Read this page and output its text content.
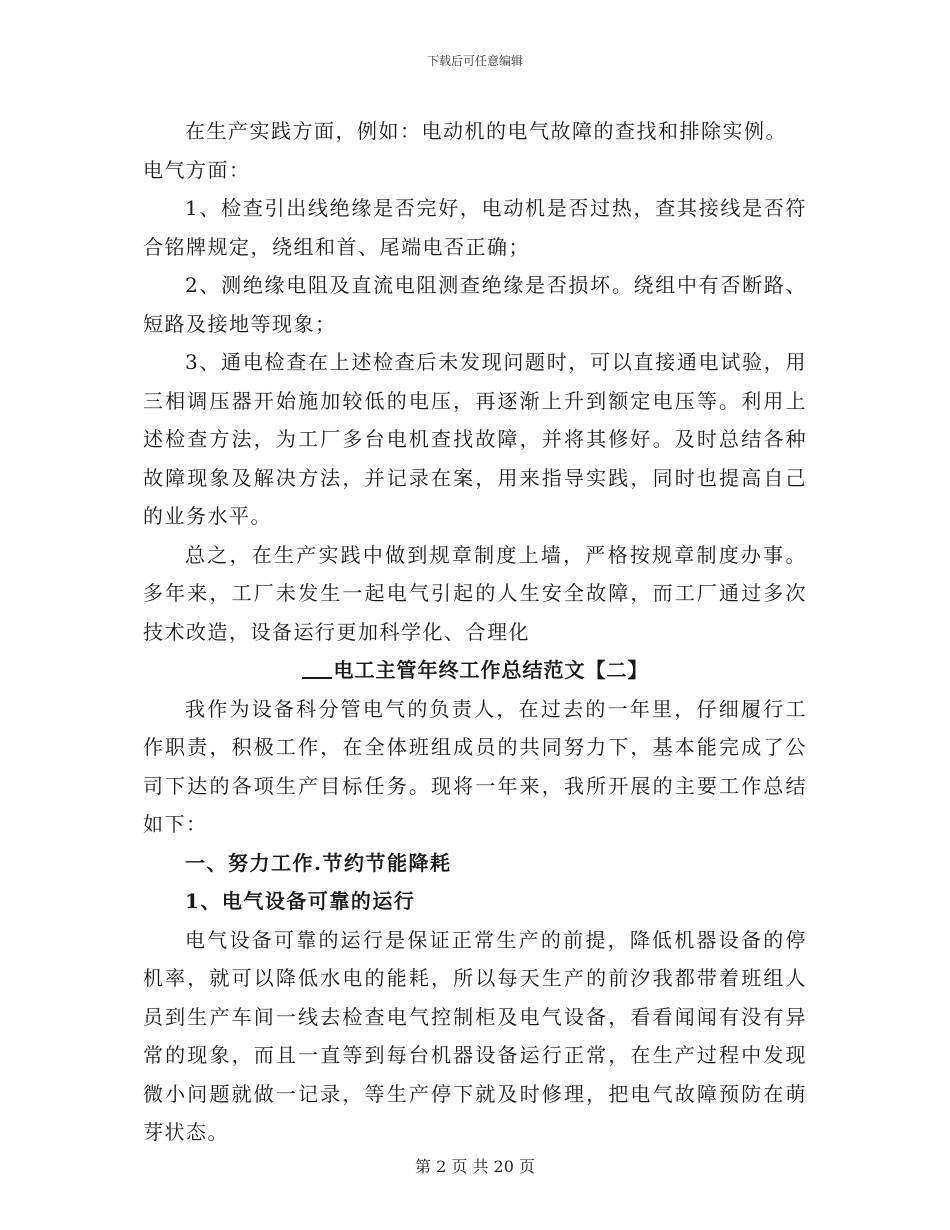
下载后可任意编辑

在生产实践方面，例如：电动机的电气故障的查找和排除实例。

电气方面：

1、检查引出线绝缘是否完好，电动机是否过热，查其接线是否符合铭牌规定，绕组和首、尾端电否正确；

2、测绝缘电阻及直流电阻测查绝缘是否损坏。绕组中有否断路、短路及接地等现象；

3、通电检查在上述检查后未发现问题时，可以直接通电试验，用三相调压器开始施加较低的电压，再逐渐上升到额定电压等。利用上述检查方法，为工厂多台电机查找故障，并将其修好。及时总结各种故障现象及解决方法，并记录在案，用来指导实践，同时也提高自己的业务水平。

总之，在生产实践中做到规章制度上墙，严格按规章制度办事。多年来，工厂未发生一起电气引起的人生安全故障，而工厂通过多次技术改造，设备运行更加科学化、合理化

电工主管年终工作总结范文【二】

我作为设备科分管电气的负责人，在过去的一年里，仔细履行工作职责，积极工作，在全体班组成员的共同努力下，基本能完成了公司下达的各项生产目标任务。现将一年来，我所开展的主要工作总结如下：

一、努力工作.节约节能降耗

1、电气设备可靠的运行

电气设备可靠的运行是保证正常生产的前提，降低机器设备的停机率，就可以降低水电的能耗，所以每天生产的前汐我都带着班组人员到生产车间一线去检查电气控制柜及电气设备，看看闻闻有没有异常的现象，而且一直等到每台机器设备运行正常，在生产过程中发现微小问题就做一记录，等生产停下就及时修理，把电气故障预防在萌芽状态。

第 2 页 共 20 页
